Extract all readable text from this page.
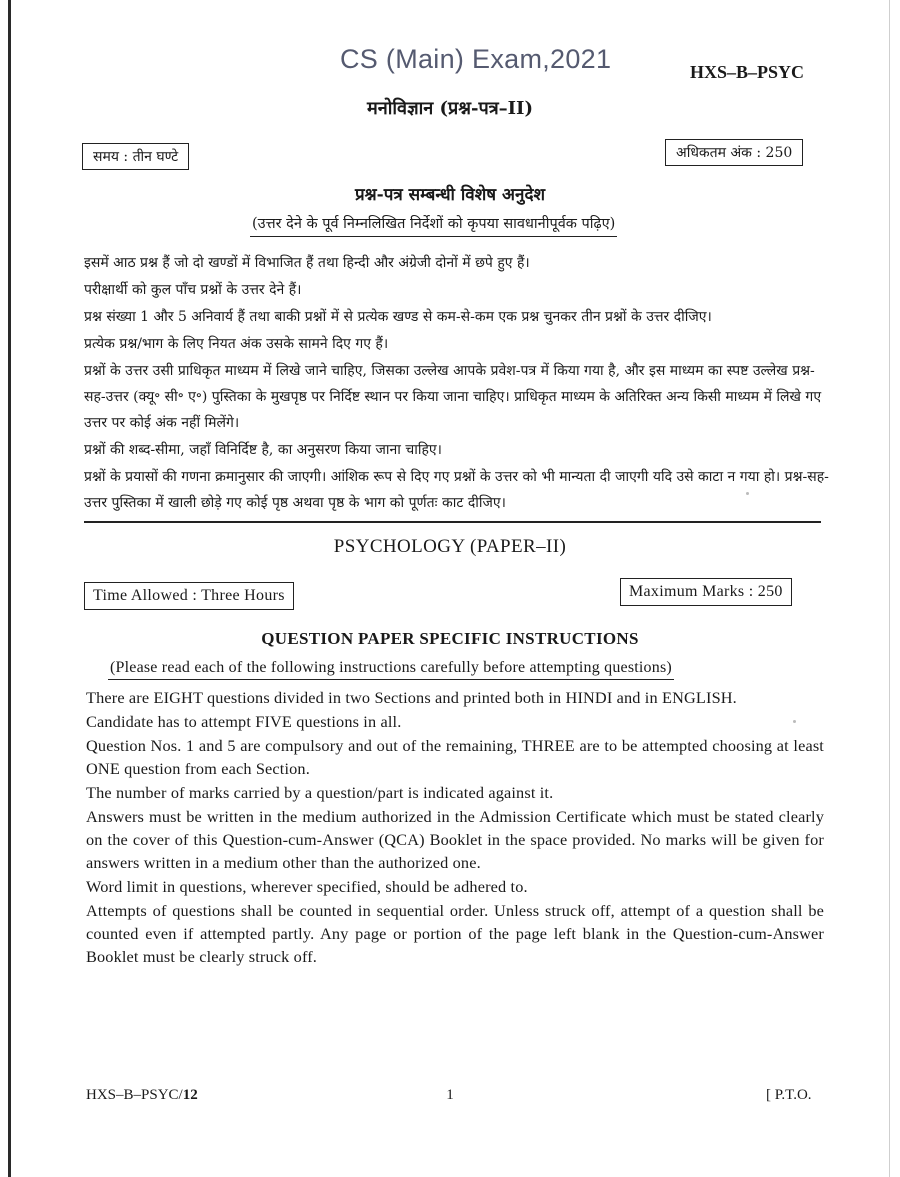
CS (Main) Exam,2021	HXS–B–PSYC
मनोविज्ञान (प्रश्न-पत्र–II)
समय : तीन घण्टे	अधिकतम अंक : 250
प्रश्न-पत्र सम्बन्धी विशेष अनुदेश
(उत्तर देने के पूर्व निम्नलिखित निर्देशों को कृपया सावधानीपूर्वक पढ़िए)

इसमें आठ प्रश्न हैं जो दो खण्डों में विभाजित हैं तथा हिन्दी और अंग्रेजी दोनों में छपे हुए हैं।

परीक्षार्थी को कुल पाँच प्रश्नों के उत्तर देने हैं।

प्रश्न संख्या 1 और 5 अनिवार्य हैं तथा बाकी प्रश्नों में से प्रत्येक खण्ड से कम-से-कम एक प्रश्न चुनकर तीन प्रश्नों के उत्तर दीजिए।

प्रत्येक प्रश्न/भाग के लिए नियत अंक उसके सामने दिए गए हैं।

प्रश्नों के उत्तर उसी प्राधिकृत माध्यम में लिखे जाने चाहिए, जिसका उल्लेख आपके प्रवेश-पत्र में किया गया है, और इस माध्यम का स्पष्ट उल्लेख प्रश्न-सह-उत्तर (क्यू॰ सी॰ ए॰) पुस्तिका के मुखपृष्ठ पर निर्दिष्ट स्थान पर किया जाना चाहिए। प्राधिकृत माध्यम के अतिरिक्त अन्य किसी माध्यम में लिखे गए उत्तर पर कोई अंक नहीं मिलेंगे।

प्रश्नों की शब्द-सीमा, जहाँ विनिर्दिष्ट है, का अनुसरण किया जाना चाहिए।

प्रश्नों के प्रयासों की गणना क्रमानुसार की जाएगी। आंशिक रूप से दिए गए प्रश्नों के उत्तर को भी मान्यता दी जाएगी यदि उसे काटा न गया हो। प्रश्न-सह-उत्तर पुस्तिका में खाली छोड़े गए कोई पृष्ठ अथवा पृष्ठ के भाग को पूर्णतः काट दीजिए।

PSYCHOLOGY (PAPER–II)
Time Allowed : Three Hours	Maximum Marks : 250
QUESTION PAPER SPECIFIC INSTRUCTIONS
(Please read each of the following instructions carefully before attempting questions)

There are EIGHT questions divided in two Sections and printed both in HINDI and in ENGLISH.

Candidate has to attempt FIVE questions in all.

Question Nos. 1 and 5 are compulsory and out of the remaining, THREE are to be attempted choosing at least ONE question from each Section.

The number of marks carried by a question/part is indicated against it.

Answers must be written in the medium authorized in the Admission Certificate which must be stated clearly on the cover of this Question-cum-Answer (QCA) Booklet in the space provided. No marks will be given for answers written in a medium other than the authorized one.

Word limit in questions, wherever specified, should be adhered to.

Attempts of questions shall be counted in sequential order. Unless struck off, attempt of a question shall be counted even if attempted partly. Any page or portion of the page left blank in the Question-cum-Answer Booklet must be clearly struck off.

HXS–B–PSYC/12	1	[ P.T.O.
